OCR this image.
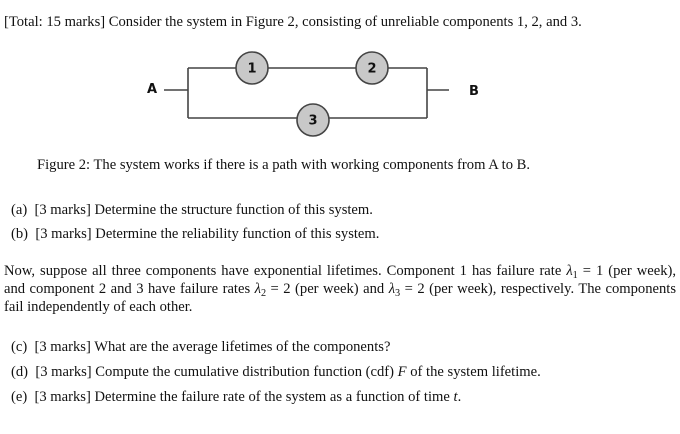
[Total: 15 marks] Consider the system in Figure 2, consisting of unreliable components 1, 2, and 3.
A	B
1	2
3
Figure 2: The system works if there is a path with working components from A to B.
(a) [3 marks] Determine the structure function of this system.
(b) [3 marks] Determine the reliability function of this system.
Now, suppose all three components have exponential lifetimes. Component 1 has failure rate $\lambda_1 = 1$ (per week), and component 2 and 3 have failure rates $\lambda_2 = 2$ (per week) and $\lambda_3 = 2$ (per week), respectively. The components fail independently of each other.
(c) [3 marks] What are the average lifetimes of the components?
(d) [3 marks] Compute the cumulative distribution function (cdf) F of the system lifetime.
(e) [3 marks] Determine the failure rate of the system as a function of time t.
